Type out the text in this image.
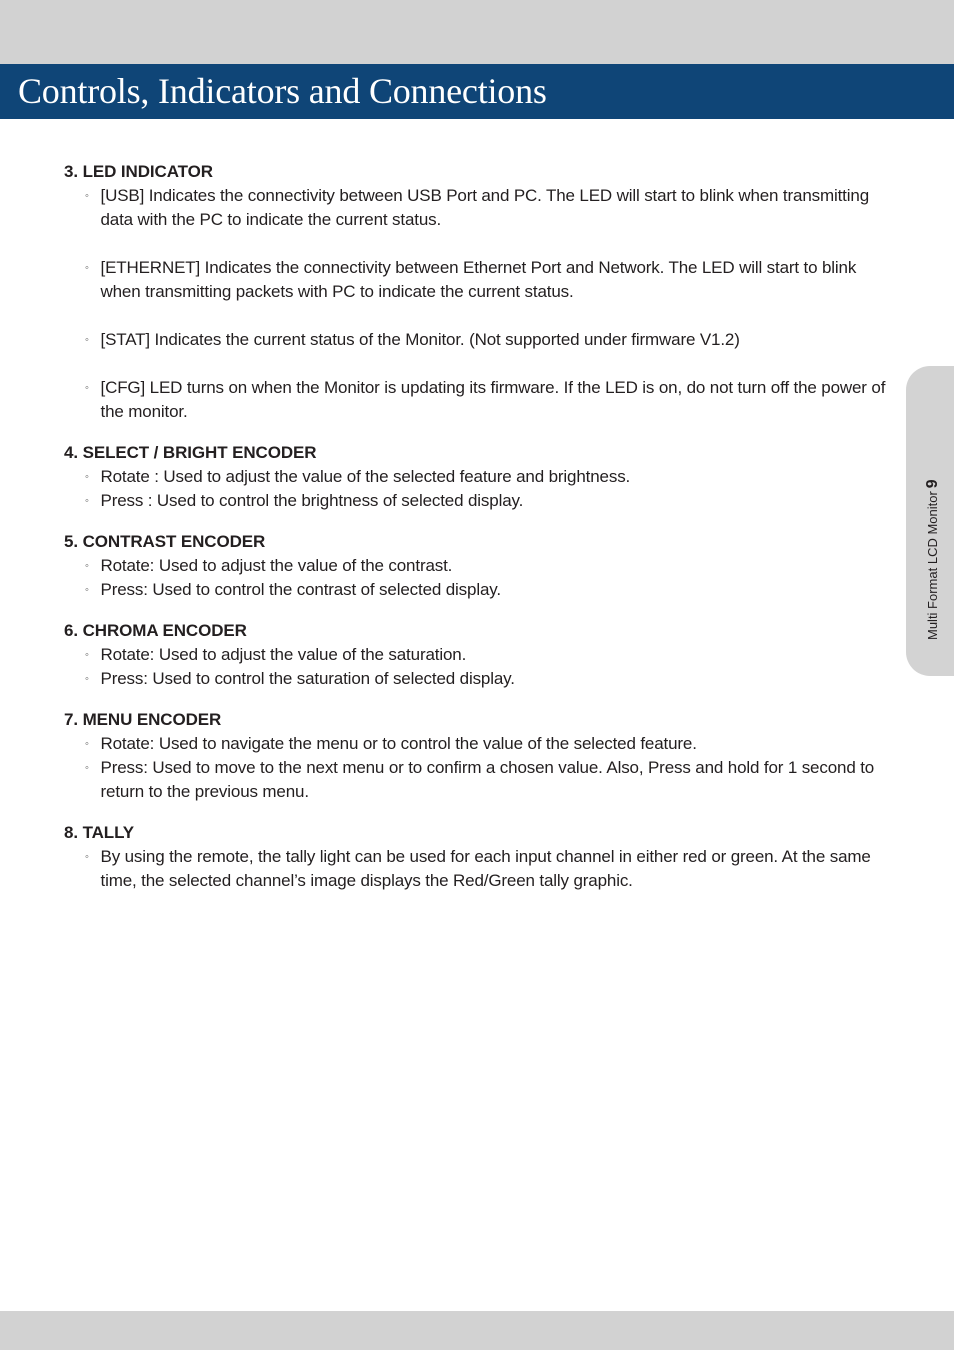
Controls, Indicators and Connections
Multi Format LCD Monitor9

3. LED INDICATOR

◦ [USB] Indicates the connectivity between USB Port and PC. The LED will start to blink when transmitting data with the PC to indicate the current status.
◦ [ETHERNET] Indicates the connectivity between Ethernet Port and Network. The LED will start to blink when transmitting packets with PC to indicate the current status.
◦ [STAT] Indicates the current status of the Monitor. (Not supported under firmware V1.2)
◦ [CFG] LED turns on when the Monitor is updating its firmware. If the LED is on, do not turn off the power of the monitor.

4. SELECT / BRIGHT ENCODER

◦ Rotate : Used to adjust the value of the selected feature and brightness.
◦ Press : Used to control the brightness of selected display.

5. CONTRAST ENCODER

◦ Rotate: Used to adjust the value of the contrast.
◦ Press: Used to control the contrast of selected display.

6. CHROMA ENCODER

◦ Rotate: Used to adjust the value of the saturation.
◦ Press: Used to control the saturation of selected display.

7. MENU ENCODER

◦ Rotate: Used to navigate the menu or to control the value of the selected feature.
◦ Press: Used to move to the next menu or to confirm a chosen value. Also, Press and hold for 1 second to return to the previous menu.

8. TALLY

◦ By using the remote, the tally light can be used for each input channel in either red or green. At the same time, the selected channel’s image displays the Red/Green tally graphic.
